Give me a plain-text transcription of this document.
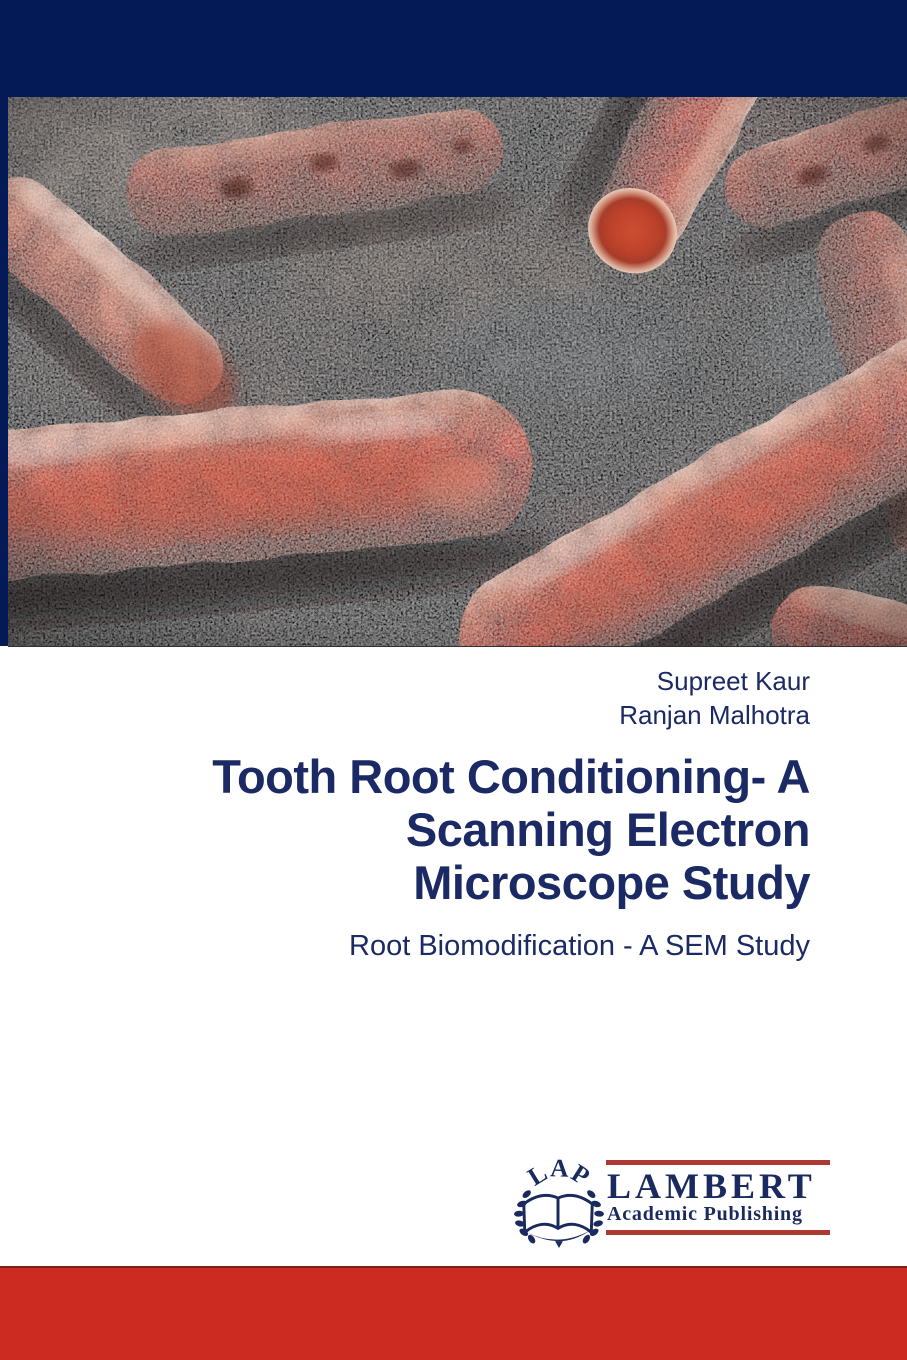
Supreet Kaur
Ranjan Malhotra
Tooth Root Conditioning- A
Scanning Electron
Microscope Study
Root Biomodification - A SEM Study
LAP LAMBERT
Academic Publishing
